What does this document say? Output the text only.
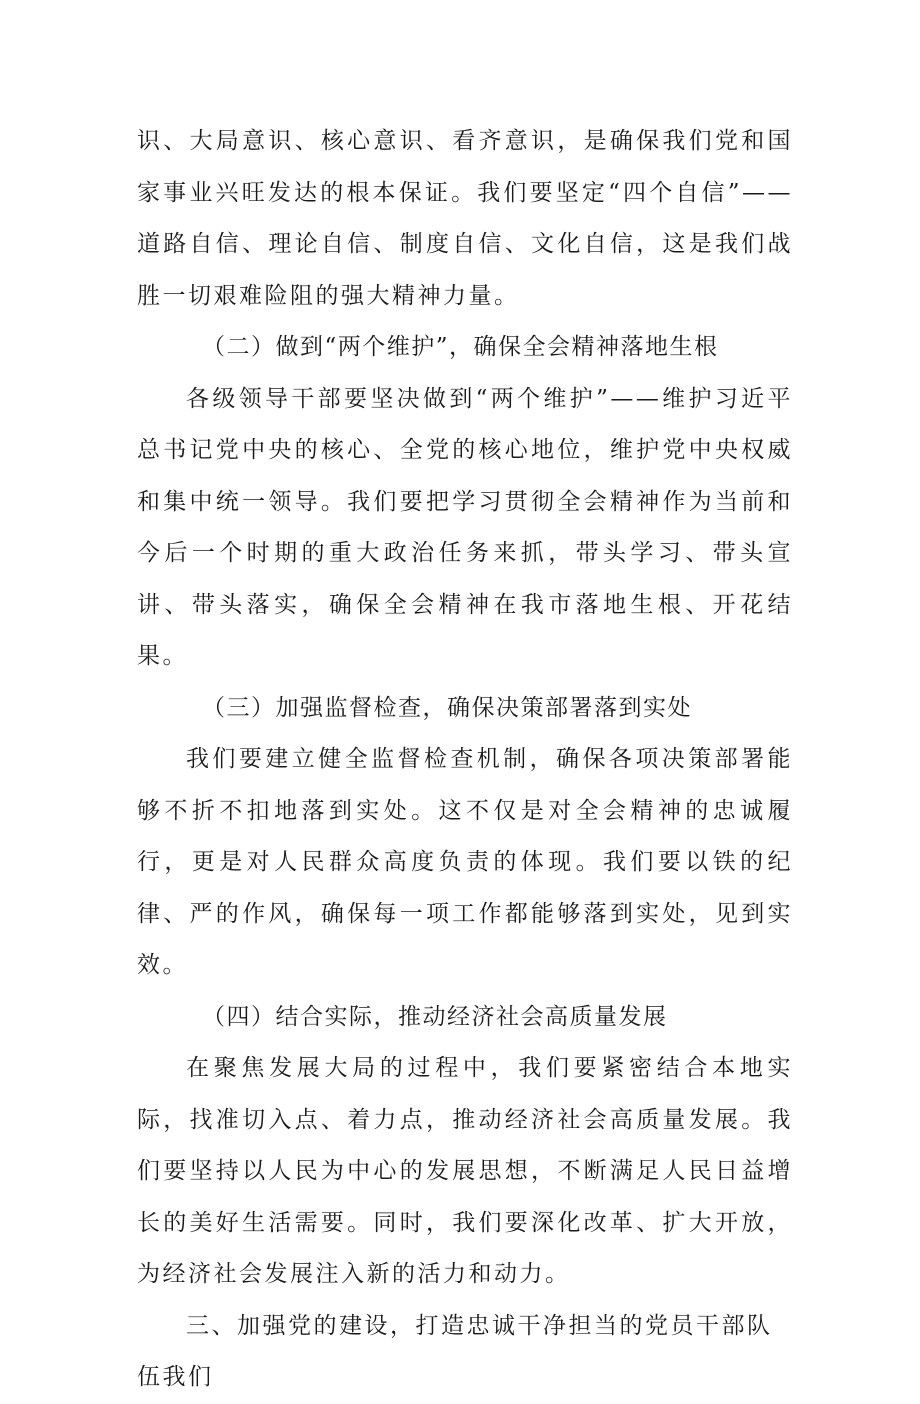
识、大局意识、核心意识、看齐意识，是确保我们党和国家事业兴旺发达的根本保证。我们要坚定“四个自信”——道路自信、理论自信、制度自信、文化自信，这是我们战胜一切艰难险阻的强大精神力量。

（二）做到“两个维护”，确保全会精神落地生根

各级领导干部要坚决做到“两个维护”——维护习近平总书记党中央的核心、全党的核心地位，维护党中央权威和集中统一领导。我们要把学习贯彻全会精神作为当前和今后一个时期的重大政治任务来抓，带头学习、带头宣讲、带头落实，确保全会精神在我市落地生根、开花结果。

（三）加强监督检查，确保决策部署落到实处

我们要建立健全监督检查机制，确保各项决策部署能够不折不扣地落到实处。这不仅是对全会精神的忠诚履行，更是对人民群众高度负责的体现。我们要以铁的纪律、严的作风，确保每一项工作都能够落到实处，见到实效。

（四）结合实际，推动经济社会高质量发展

在聚焦发展大局的过程中，我们要紧密结合本地实际，找准切入点、着力点，推动经济社会高质量发展。我们要坚持以人民为中心的发展思想，不断满足人民日益增长的美好生活需要。同时，我们要深化改革、扩大开放，为经济社会发展注入新的活力和动力。

三、加强党的建设，打造忠诚干净担当的党员干部队伍我们
